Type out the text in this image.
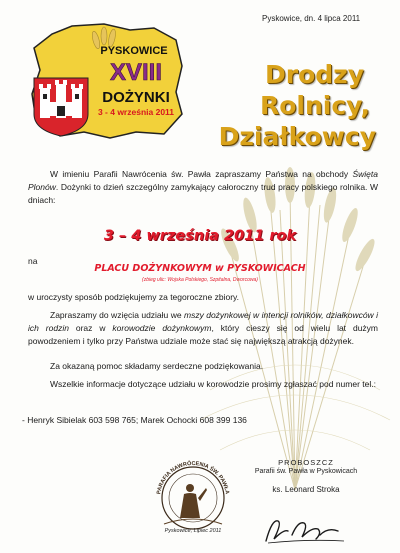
Pyskowice, dn. 4 lipca 2011
PYSKOWICE
XVIII
DOŻYNKI
3 - 4 września 2011
Drodzy
Rolnicy,
Działkowcy
W imieniu Parafii Nawrócenia św. Pawła zapraszamy Państwa na obchody Święta Plonów. Dożynki to dzień szczególny zamykający całoroczny trud pracy polskiego rolnika. W dniach:
3 – 4 września 2011 rok
na
PLACU DOŻYNKOWYM w PYSKOWICACH
(zbieg ulic: Wojska Polskiego, Szpitalna, Dworcowa)
w uroczysty sposób podziękujemy za tegoroczne zbiory.
Zapraszamy do wzięcia udziału we mszy dożynkowej w intencji rolników, działkowców i ich rodzin oraz w korowodzie dożynkowym, który cieszy się od wielu lat dużym powodzeniem i tylko przy Państwa udziale może stać się największą atrakcją dożynek.
Za okazaną pomoc składamy serdeczne podziękowania.
Wszelkie informacje dotyczące udziału w korowodzie prosimy zgłaszać pod numer tel.:
- Henryk Sibielak 603 598 765; Marek Ochocki 608 399 136
PARAFIA NAWRÓCENIA ŚW. PAWŁA
Pyskowice, Lipiec 2011
PROBOSZCZ
Parafii św. Pawła w Pyskowicach
ks. Leonard Stroka
